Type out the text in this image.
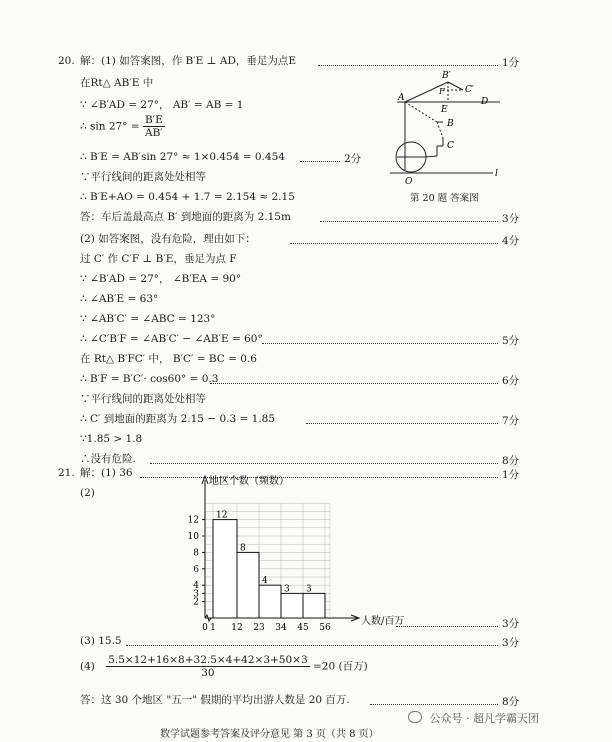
20. 解：(1) 如答案图，作 B′E ⊥ AD，垂足为点E	1分
在Rt△ AB′E 中
∵ ∠B′AD = 27°， AB′ = AB = 1
∴ $\sin 27^\circ = \frac{B'E}{AB'}$
∴ B′E = AB′sin 27° ≈ 1×0.454 = 0.454	2分
∵平行线间的距离处处相等
∴ B′E+AO = 0.454 + 1.7 = 2.154 ≈ 2.15
答：车后盖最高点 B′ 到地面的距离为 2.15m	3分
(2) 如答案图，没有危险，理由如下：	4分
过 C′ 作 C′F ⊥ B′E，垂足为点 F
∵ ∠B′AD = 27°， ∠B′EA = 90°
∴ ∠AB′E = 63°
∵ ∠AB′C′ = ∠ABC = 123°
∴ ∠C′B′F = ∠AB′C′ − ∠AB′E = 60°	5分
在 Rt△ B′FC′ 中， B′C′ = BC = 0.6
∴ B′F = B′C′· cos60° = 0.3	6分
∵平行线间的距离处处相等
∴ C′ 到地面的距离为 2.15 − 0.3 = 1.85	7分
∵1.85 > 1.8
∴没有危险.	8分
A
B′
F C′
D
E
B
C
O
l
第 20 题 答案图
21. 解：(1) 36	1分
(2)
12
8
4
3 3
2
3
4
6
8
10
12
0 1 12 23 34 45 56
地区个数（频数）
人数/百万	3分
(3) 15.5	3分
$(4) \frac{5.5\times 12+16\times 8+32.5\times 4+42\times 3+50\times 3}{30} =20$ (百万)
答：这 30 个地区 "五一" 假期的平均出游人数是 20 百万.	8分
公众号 · 超凡学霸天团
数学试题参考答案及评分意见 第 3 页（共 8 页）
